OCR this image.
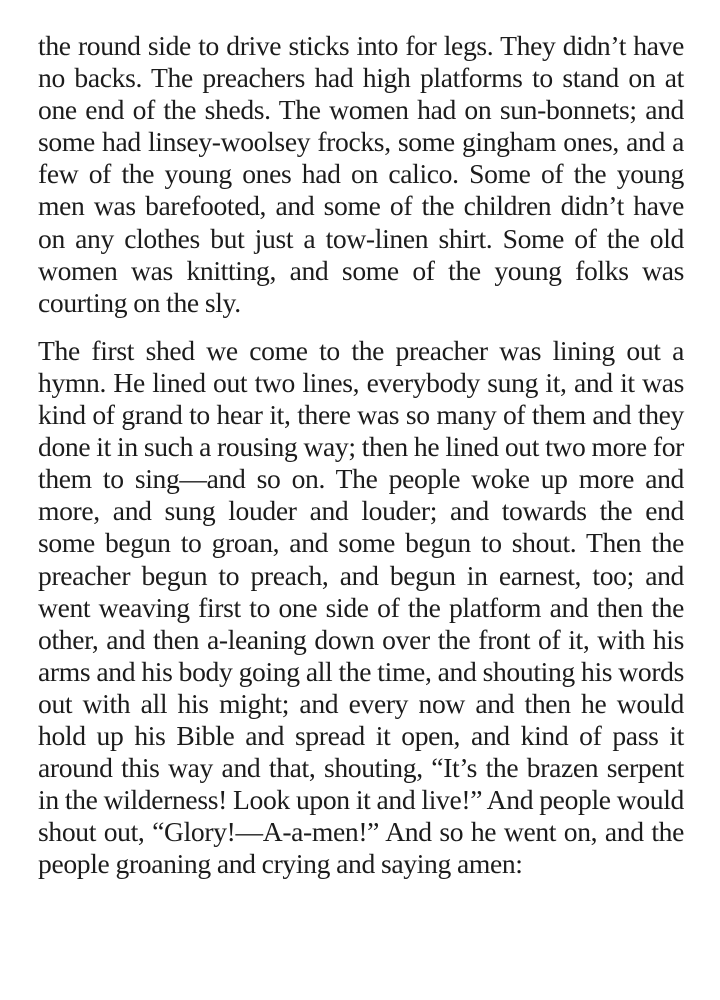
the round side to drive sticks into for legs. They didn’t have no backs. The preachers had high platforms to stand on at one end of the sheds. The women had on sun-bonnets; and some had linsey-woolsey frocks, some gingham ones, and a few of the young ones had on calico. Some of the young men was barefooted, and some of the children didn’t have on any clothes but just a tow-linen shirt. Some of the old women was knitting, and some of the young folks was courting on the sly.

The first shed we come to the preacher was lining out a hymn. He lined out two lines, everybody sung it, and it was kind of grand to hear it, there was so many of them and they done it in such a rousing way; then he lined out two more for them to sing—and so on. The people woke up more and more, and sung louder and louder; and towards the end some begun to groan, and some begun to shout. Then the preacher begun to preach, and begun in earnest, too; and went weaving first to one side of the platform and then the other, and then a-leaning down over the front of it, with his arms and his body going all the time, and shouting his words out with all his might; and every now and then he would hold up his Bible and spread it open, and kind of pass it around this way and that, shouting, “It’s the brazen serpent in the wilderness! Look upon it and live!” And people would shout out, “Glory!—A-a-men!” And so he went on, and the people groaning and crying and saying amen:
